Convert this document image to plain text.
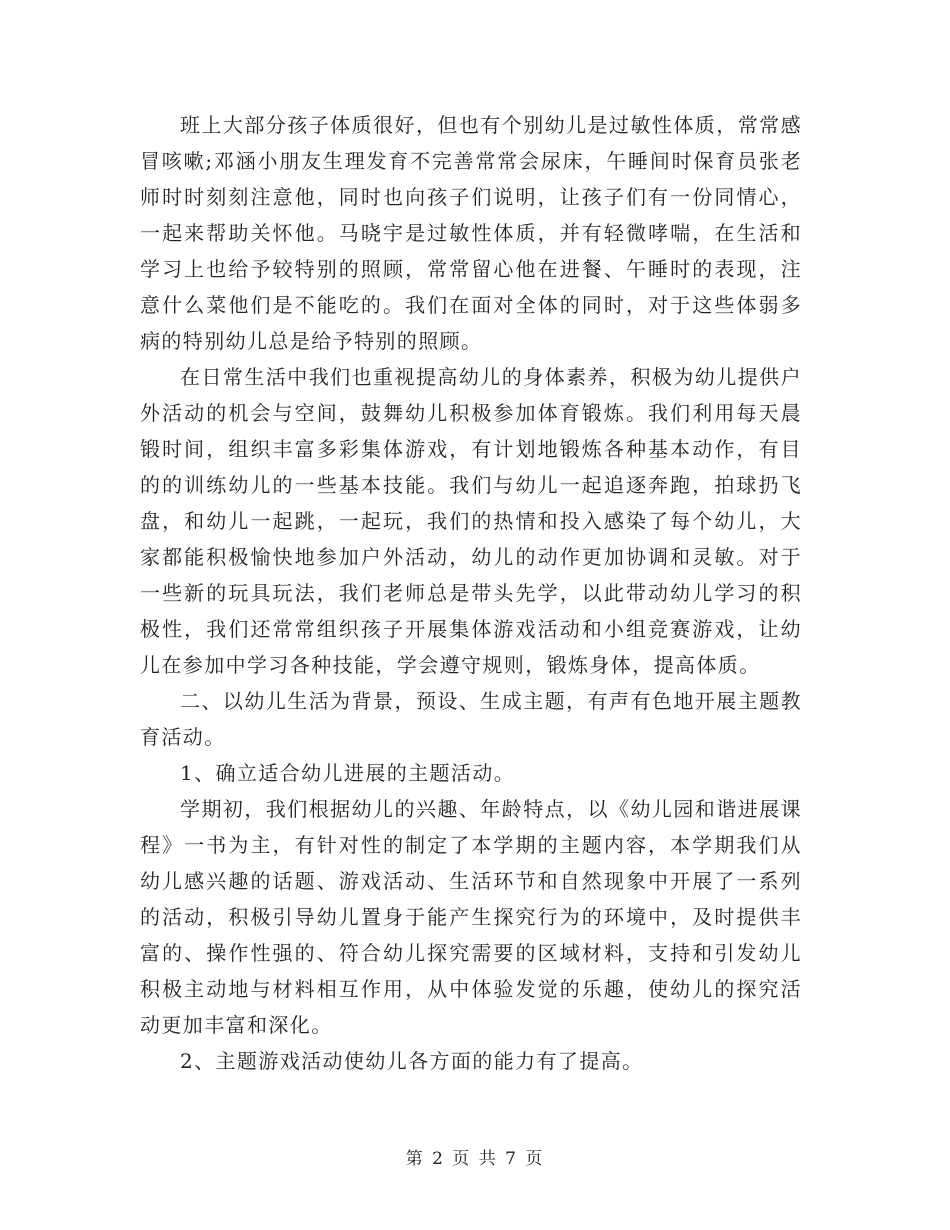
班上大部分孩子体质很好，但也有个别幼儿是过敏性体质，常常感冒咳嗽;邓涵小朋友生理发育不完善常常会尿床，午睡间时保育员张老师时时刻刻注意他，同时也向孩子们说明，让孩子们有一份同情心，一起来帮助关怀他。马晓宇是过敏性体质，并有轻微哮喘，在生活和学习上也给予较特别的照顾，常常留心他在进餐、午睡时的表现，注意什么菜他们是不能吃的。我们在面对全体的同时，对于这些体弱多病的特别幼儿总是给予特别的照顾。

在日常生活中我们也重视提高幼儿的身体素养，积极为幼儿提供户外活动的机会与空间，鼓舞幼儿积极参加体育锻炼。我们利用每天晨锻时间，组织丰富多彩集体游戏，有计划地锻炼各种基本动作，有目的的训练幼儿的一些基本技能。我们与幼儿一起追逐奔跑，拍球扔飞盘，和幼儿一起跳，一起玩，我们的热情和投入感染了每个幼儿，大家都能积极愉快地参加户外活动，幼儿的动作更加协调和灵敏。对于一些新的玩具玩法，我们老师总是带头先学，以此带动幼儿学习的积极性，我们还常常组织孩子开展集体游戏活动和小组竞赛游戏，让幼儿在参加中学习各种技能，学会遵守规则，锻炼身体，提高体质。

二、以幼儿生活为背景，预设、生成主题，有声有色地开展主题教育活动。

1、确立适合幼儿进展的主题活动。

学期初，我们根据幼儿的兴趣、年龄特点，以《幼儿园和谐进展课程》一书为主，有针对性的制定了本学期的主题内容，本学期我们从幼儿感兴趣的话题、游戏活动、生活环节和自然现象中开展了一系列的活动，积极引导幼儿置身于能产生探究行为的环境中，及时提供丰富的、操作性强的、符合幼儿探究需要的区域材料，支持和引发幼儿积极主动地与材料相互作用，从中体验发觉的乐趣，使幼儿的探究活动更加丰富和深化。

2、主题游戏活动使幼儿各方面的能力有了提高。

第 2 页 共 7 页
